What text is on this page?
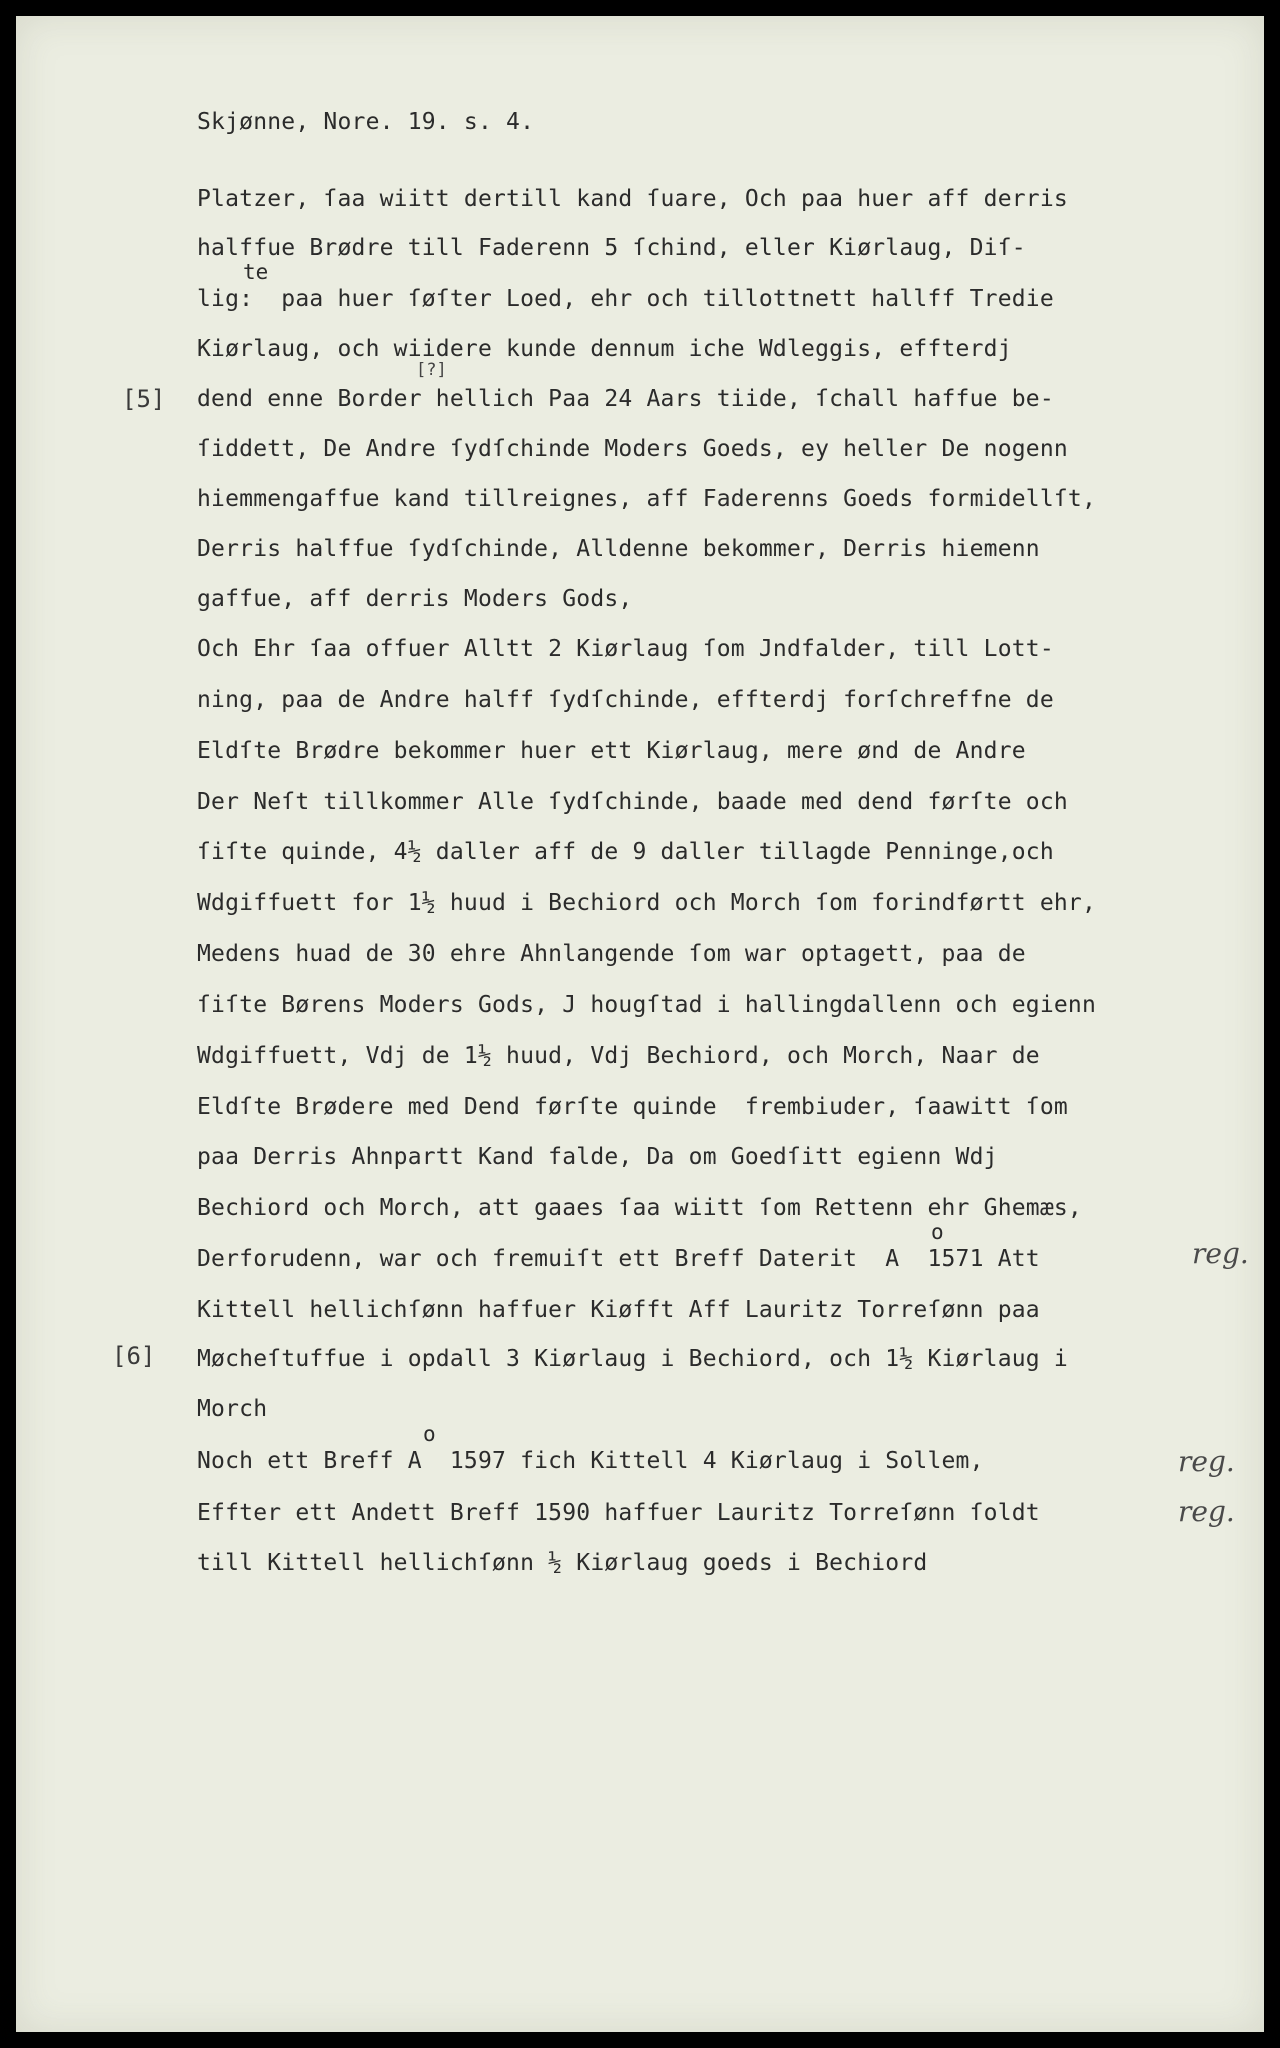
Skjønne, Nore. 19. s. 4.
Platzer, ſaa wiitt dertill kand ſuare, Och paa huer aff derris
halffue Brødre till Faderenn 5 ſchind, eller Kiørlaug, Diſ-
te
lig:  paa huer ſøſter Loed, ehr och tillottnett hallff Tredie
Kiørlaug, och wiidere kunde dennum iche Wdleggis, effterdj
[?]
[5] dend enne Border hellich Paa 24 Aars tiide, ſchall haffue be-
ſiddett, De Andre ſydſchinde Moders Goeds, ey heller De nogenn
hiemmengaffue kand tillreignes, aff Faderenns Goeds formidellſt,
Derris halffue ſydſchinde, Alldenne bekommer, Derris hiemenn
gaffue, aff derris Moders Gods,
Och Ehr ſaa offuer Alltt 2 Kiørlaug ſom Jndfalder, till Lott-
ning, paa de Andre halff ſydſchinde, effterdj forſchreffne de
Eldſte Brødre bekommer huer ett Kiørlaug, mere ønd de Andre
Der Neſt tillkommer Alle ſydſchinde, baade med dend førſte och
ſiſte quinde, 4½ daller aff de 9 daller tillagde Penninge,och
Wdgiffuett for 1½ huud i Bechiord och Morch ſom forindførtt ehr,
Medens huad de 30 ehre Ahnlangende ſom war optagett, paa de
ſiſte Børens Moders Gods, J hougſtad i hallingdallenn och egienn
Wdgiffuett, Vdj de 1½ huud, Vdj Bechiord, och Morch, Naar de
Eldſte Brødere med Dend førſte quinde  frembiuder, ſaawitt ſom
paa Derris Ahnpartt Kand falde, Da om Goedſitt egienn Wdj
Bechiord och Morch, att gaaes ſaa wiitt ſom Rettenn ehr Ghemæs,
o
Derforudenn, war och fremuiſt ett Breff Daterit  A  1571 Att	reg.
Kittell hellichſønn haffuer Kiøfft Aff Lauritz Torreſønn paa
[6] Møcheſtuffue i opdall 3 Kiørlaug i Bechiord, och 1½ Kiørlaug i
Morch
o
Noch ett Breff A  1597 fich Kittell 4 Kiørlaug i Sollem,	reg.
Effter ett Andett Breff 1590 haffuer Lauritz Torreſønn ſoldt	reg.
till Kittell hellichſønn ½ Kiørlaug goeds i Bechiord
